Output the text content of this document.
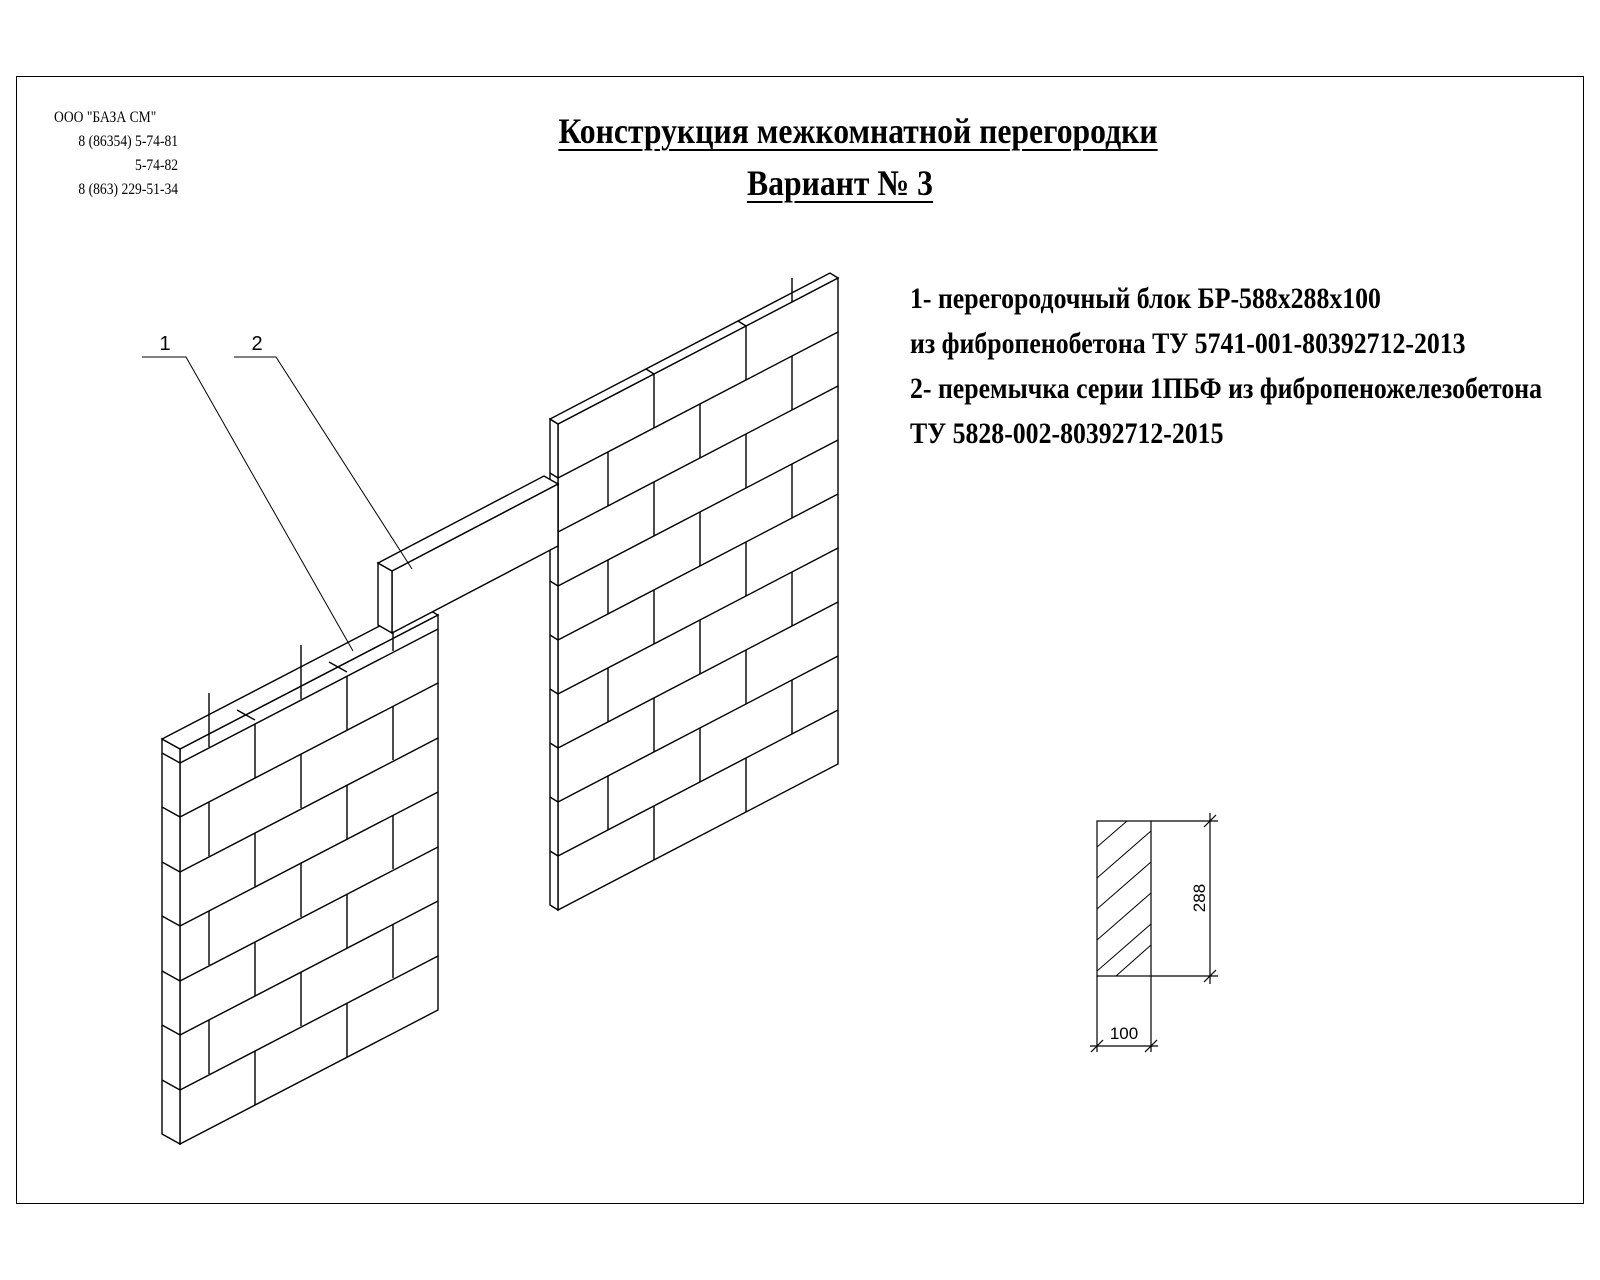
ООО "БАЗА СМ"
8 (86354) 5-74-81
5-74-82
8 (863) 229-51-34
Конструкция межкомнатной перегородки
Вариант № 3
1- перегородочный блок БР-588х288х100
из фибропенобетона ТУ 5741-001-80392712-2013
2- перемычка серии 1ПБФ из фибропеножелезобетона
ТУ 5828-002-80392712-2015
1	2
288
100
